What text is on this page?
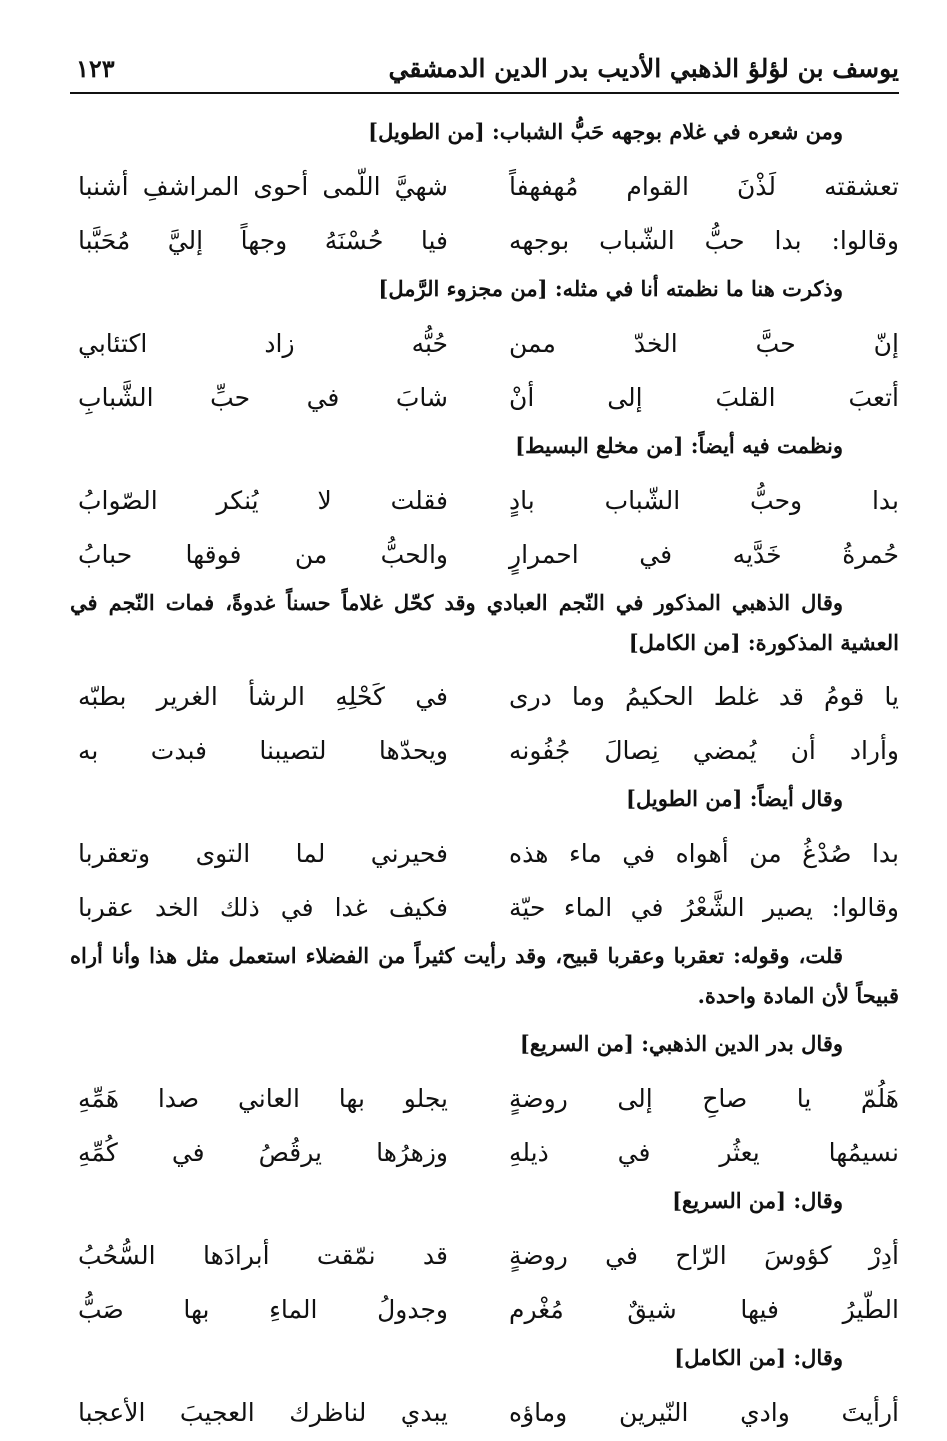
يوسف بن لؤلؤ الذهبي الأديب بدر الدين الدمشقي
١٢٣
ومن شعره في غلام بوجهه حَبُّ الشباب: [من الطويل]
تعشقته لَذْنَ القوام مُهفهفاً
شهيَّ اللّمى أحوى المراشفِ أشنبا
وقالوا: بدا حبُّ الشّباب بوجهه
فيا حُسْنَهُ وجهاً إليَّ مُحَبَّبا
وذكرت هنا ما نظمته أنا في مثله: [من مجزوء الرَّمل]
إنّ حبَّ الخدّ ممن
حُبُّه زاد اكتئابي
أتعبَ القلبَ إلى أنْ
شابَ في حبِّ الشَّبابِ
ونظمت فيه أيضاً: [من مخلع البسيط]
بدا وحبُّ الشّباب بادٍ
فقلت لا يُنكر الصّوابُ
حُمرةُ خَدَّيه في احمرارٍ
والحبُّ من فوقها حبابُ
وقال الذهبي المذكور في النّجم العبادي وقد كحّل غلاماً حسناً غدوةً، فمات النّجم في العشية المذكورة: [من الكامل]
يا قومُ قد غلط الحكيمُ وما درى
في كَحْلِهِ الرشأ الغرير بطبّه
وأراد أن يُمضي نِصالَ جُفُونه
ويحدّها لتصيبنا فبدت به
وقال أيضاً: [من الطويل]
بدا صُدْغُ من أهواه في ماء هذه
فحيرني لما التوى وتعقربا
وقالوا: يصير الشَّعْرُ في الماء حيّة
فكيف غدا في ذلك الخد عقربا
قلت، وقوله: تعقربا وعقربا قبيح، وقد رأيت كثيراً من الفضلاء استعمل مثل هذا وأنا أراه قبيحاً لأن المادة واحدة.
وقال بدر الدين الذهبي: [من السريع]
هَلُمّ يا صاحِ إلى روضةٍ
يجلو بها العاني صدا هَمِّهِ
نسيمُها يعثُر في ذيلهِ
وزهرُها يرقُصُ في كُمِّهِ
وقال: [من السريع]
أدِرْ كؤوسَ الرّاح في روضةٍ
قد نمّقت أبرادَها السُّحُبُ
الطّيرُ فيها شيقٌ مُغْرم
وجدولُ الماءِ بها صَبُّ
وقال: [من الكامل]
أرأيتَ وادي النّيرين وماؤه
يبدي لناظرك العجيبَ الأعجبا
